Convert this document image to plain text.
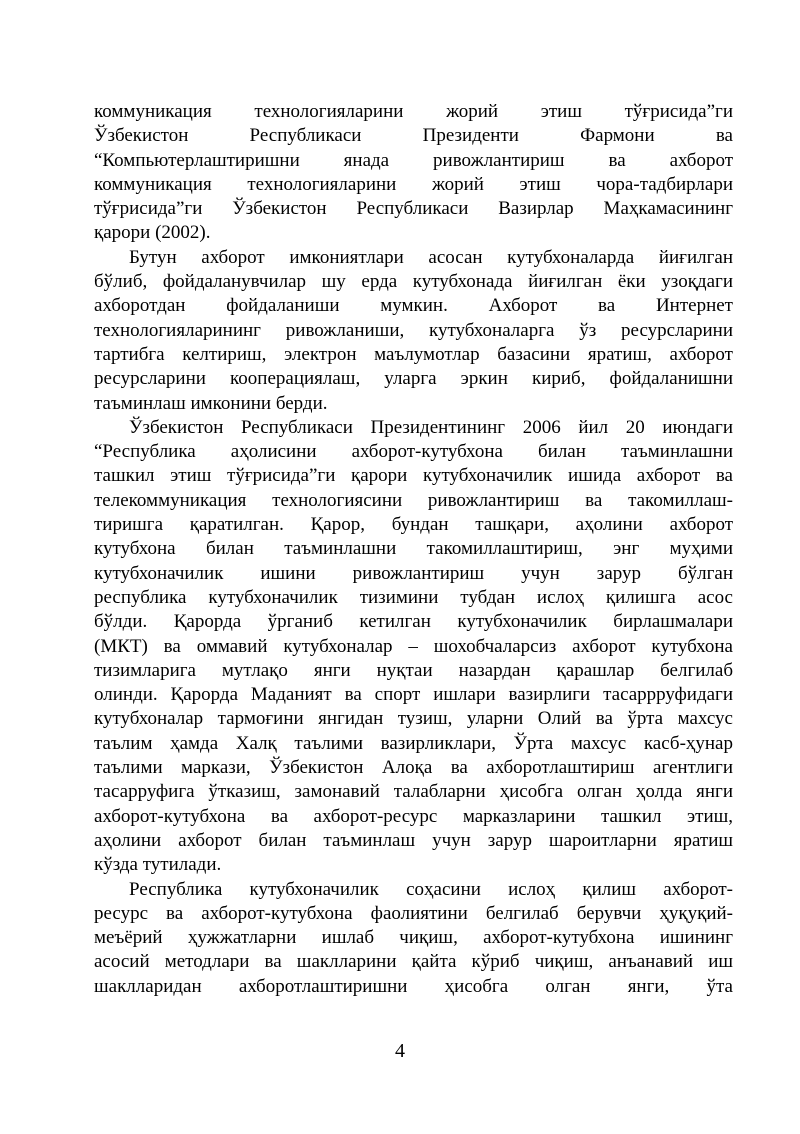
коммуникация технологияларини жорий этиш тўғрисида”ги
Ўзбекистон Республикаси Президенти Фармони ва
“Компьютерлаштиришни янада ривожлантириш ва ахборот
коммуникация технологияларини жорий этиш чора-тадбирлари
тўғрисида”ги Ўзбекистон Республикаси Вазирлар Маҳкамасининг
қарори (2002).
Бутун ахборот имкониятлари асосан кутубхоналарда йиғилган
бўлиб, фойдаланувчилар шу ерда кутубхонада йиғилган ёки узоқдаги
ахборотдан фойдаланиши мумкин. Ахборот ва Интернет
технологияларининг ривожланиши, кутубхоналарга ўз ресурсларини
тартибга келтириш, электрон маълумотлар базасини яратиш, ахборот
ресурсларини кооперациялаш, уларга эркин кириб, фойдаланишни
таъминлаш имконини берди.
Ўзбекистон Республикаси Президентининг 2006 йил 20 июндаги
“Республика аҳолисини ахборот-кутубхона билан таъминлашни
ташкил этиш тўғрисида”ги қарори кутубхоначилик ишида ахборот ва
телекоммуникация технологиясини ривожлантириш ва такомиллаш-
тиришга қаратилган. Қарор, бундан ташқари, аҳолини ахборот
кутубхона билан таъминлашни такомиллаштириш, энг муҳими
кутубхоначилик ишини ривожлантириш учун зарур бўлган
республика кутубхоначилик тизимини тубдан ислоҳ қилишга асос
бўлди. Қарорда ўрганиб кетилган кутубхоначилик бирлашмалари
(МКТ) ва оммавий кутубхоналар – шохобчаларсиз ахборот кутубхона
тизимларига мутлақо янги нуқтаи назардан қарашлар белгилаб
олинди. Қарорда Маданият ва спорт ишлари вазирлиги тасаррруфидаги
кутубхоналар тармоғини янгидан тузиш, уларни Олий ва ўрта махсус
таълим ҳамда Халқ таълими вазирликлари, Ўрта махсус касб-ҳунар
таълими маркази, Ўзбекистон Алоқа ва ахборотлаштириш агентлиги
тасарруфига ўтказиш, замонавий талабларни ҳисобга олган ҳолда янги
ахборот-кутубхона ва ахборот-ресурс марказларини ташкил этиш,
аҳолини ахборот билан таъминлаш учун зарур шароитларни яратиш
кўзда тутилади.
Республика кутубхоначилик соҳасини ислоҳ қилиш ахборот-
ресурс ва ахборот-кутубхона фаолиятини белгилаб берувчи ҳуқуқий-
меъёрий ҳужжатларни ишлаб чиқиш, ахборот-кутубхона ишининг
асосий методлари ва шаклларини қайта кўриб чиқиш, анъанавий иш
шаклларидан ахборотлаштиришни ҳисобга олган янги, ўта
4
